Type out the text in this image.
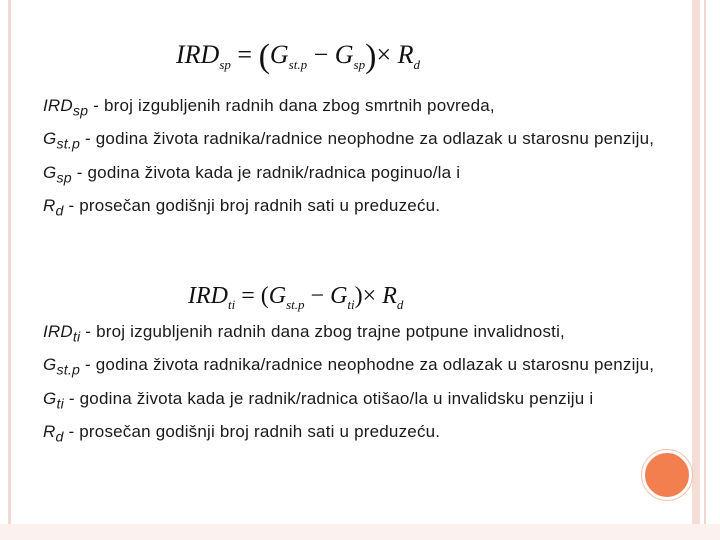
$IRD_{sp} = (G_{st.p} - G_{sp})\times R_d$

$IRD_{sp}$ - broj izgubljenih radnih dana zbog smrtnih povreda,

$G_{st.p}$ - godina života radnika/radnice neophodne za odlazak u starosnu penziju,

$G_{sp}$ - godina života kada je radnik/radnica poginuo/la i

$R_d$ - prosečan godišnji broj radnih sati u preduzeću.

$IRD_{ti} = (G_{st.p} - G_{ti})\times R_d$

$IRD_{ti}$ - broj izgubljenih radnih dana zbog trajne potpune invalidnosti,

$G_{st.p}$ - godina života radnika/radnice neophodne za odlazak u starosnu penziju,

$G_{ti}$ - godina života kada je radnik/radnica otišao/la u invalidsku penziju i

$R_d$ - prosečan godišnji broj radnih sati u preduzeću.
